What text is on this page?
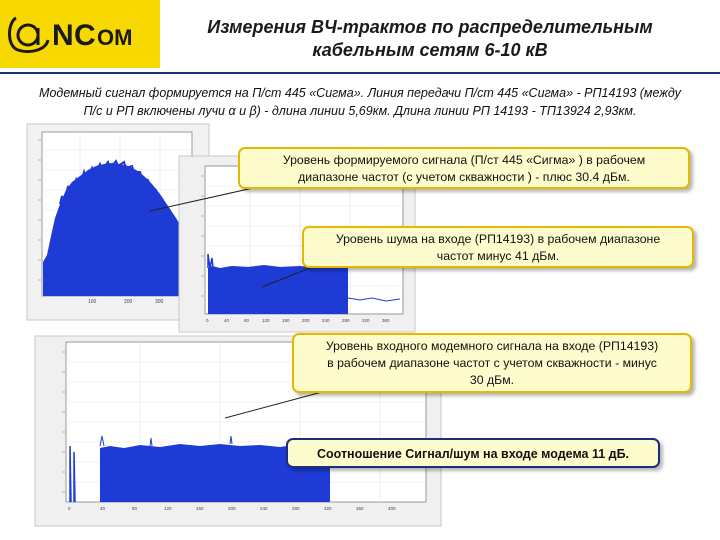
N C OM	Измерения ВЧ-трактов по распределительным
кабельным сетям 6-10 кВ
Модемный сигнал формируется на П/ст 445 «Сигма». Линия передачи П/ст 445 «Сигма» - РП14193 (между
П/с и РП включены лучи α и β) - длина линии 5,69км. Длина линии РП 14193 - ТП13924 2,93км.
100	200	300
0	40	80	120	160	200	240	280	320	360
0	40	80	120	160	200	240	280	320	360	400
Уровень формируемого сигнала (П/ст 445 «Сигма» ) в рабочем
диапазоне частот (с учетом скважности ) - плюс 30.4 дБм.
Уровень шума на входе (РП14193) в рабочем диапазоне
частот минус 41 дБм.
Уровень входного модемного сигнала на входе (РП14193)
в рабочем диапазоне частот с учетом скважности - минус
30 дБм.
Соотношение Сигнал/шум на входе модема 11 дБ.
